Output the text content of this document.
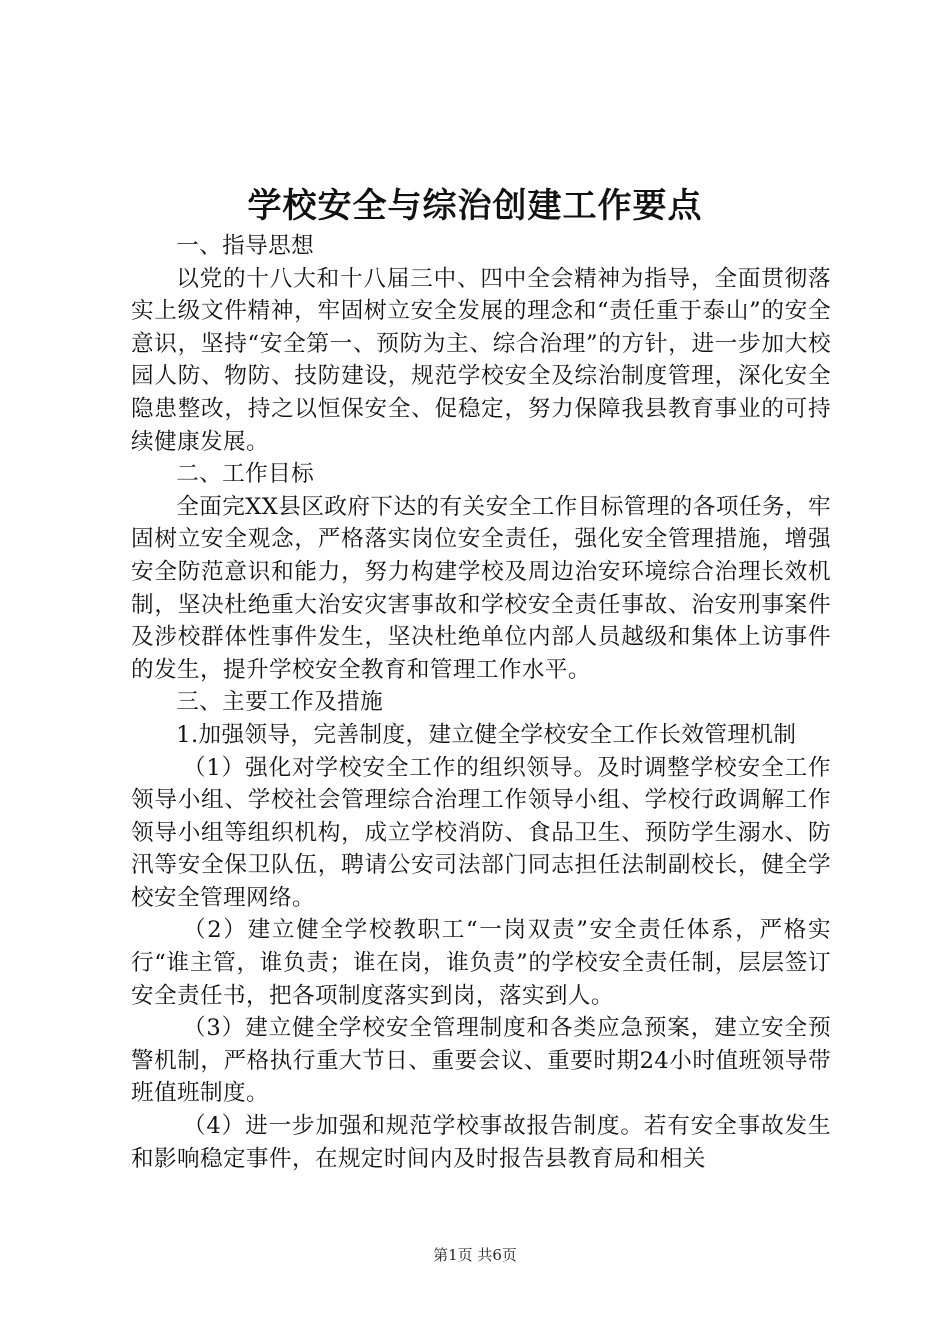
学校安全与综治创建工作要点

一、指导思想

以党的十八大和十八届三中、四中全会精神为指导，全面贯彻落实上级文件精神，牢固树立安全发展的理念和“责任重于泰山”的安全意识，坚持“安全第一、预防为主、综合治理”的方针，进一步加大校园人防、物防、技防建设，规范学校安全及综治制度管理，深化安全隐患整改，持之以恒保安全、促稳定，努力保障我县教育事业的可持续健康发展。

二、工作目标

全面完XX县区政府下达的有关安全工作目标管理的各项任务，牢固树立安全观念，严格落实岗位安全责任，强化安全管理措施，增强安全防范意识和能力，努力构建学校及周边治安环境综合治理长效机制，坚决杜绝重大治安灾害事故和学校安全责任事故、治安刑事案件及涉校群体性事件发生，坚决杜绝单位内部人员越级和集体上访事件的发生，提升学校安全教育和管理工作水平。

三、主要工作及措施

1.加强领导，完善制度，建立健全学校安全工作长效管理机制

（1）强化对学校安全工作的组织领导。及时调整学校安全工作领导小组、学校社会管理综合治理工作领导小组、学校行政调解工作领导小组等组织机构，成立学校消防、食品卫生、预防学生溺水、防汛等安全保卫队伍，聘请公安司法部门同志担任法制副校长，健全学校安全管理网络。

（2）建立健全学校教职工“一岗双责”安全责任体系，严格实行“谁主管，谁负责；谁在岗，谁负责”的学校安全责任制，层层签订安全责任书，把各项制度落实到岗，落实到人。

（3）建立健全学校安全管理制度和各类应急预案，建立安全预警机制，严格执行重大节日、重要会议、重要时期24小时值班领导带班值班制度。

（4）进一步加强和规范学校事故报告制度。若有安全事故发生和影响稳定事件，在规定时间内及时报告县教育局和相关

第1页 共6页
